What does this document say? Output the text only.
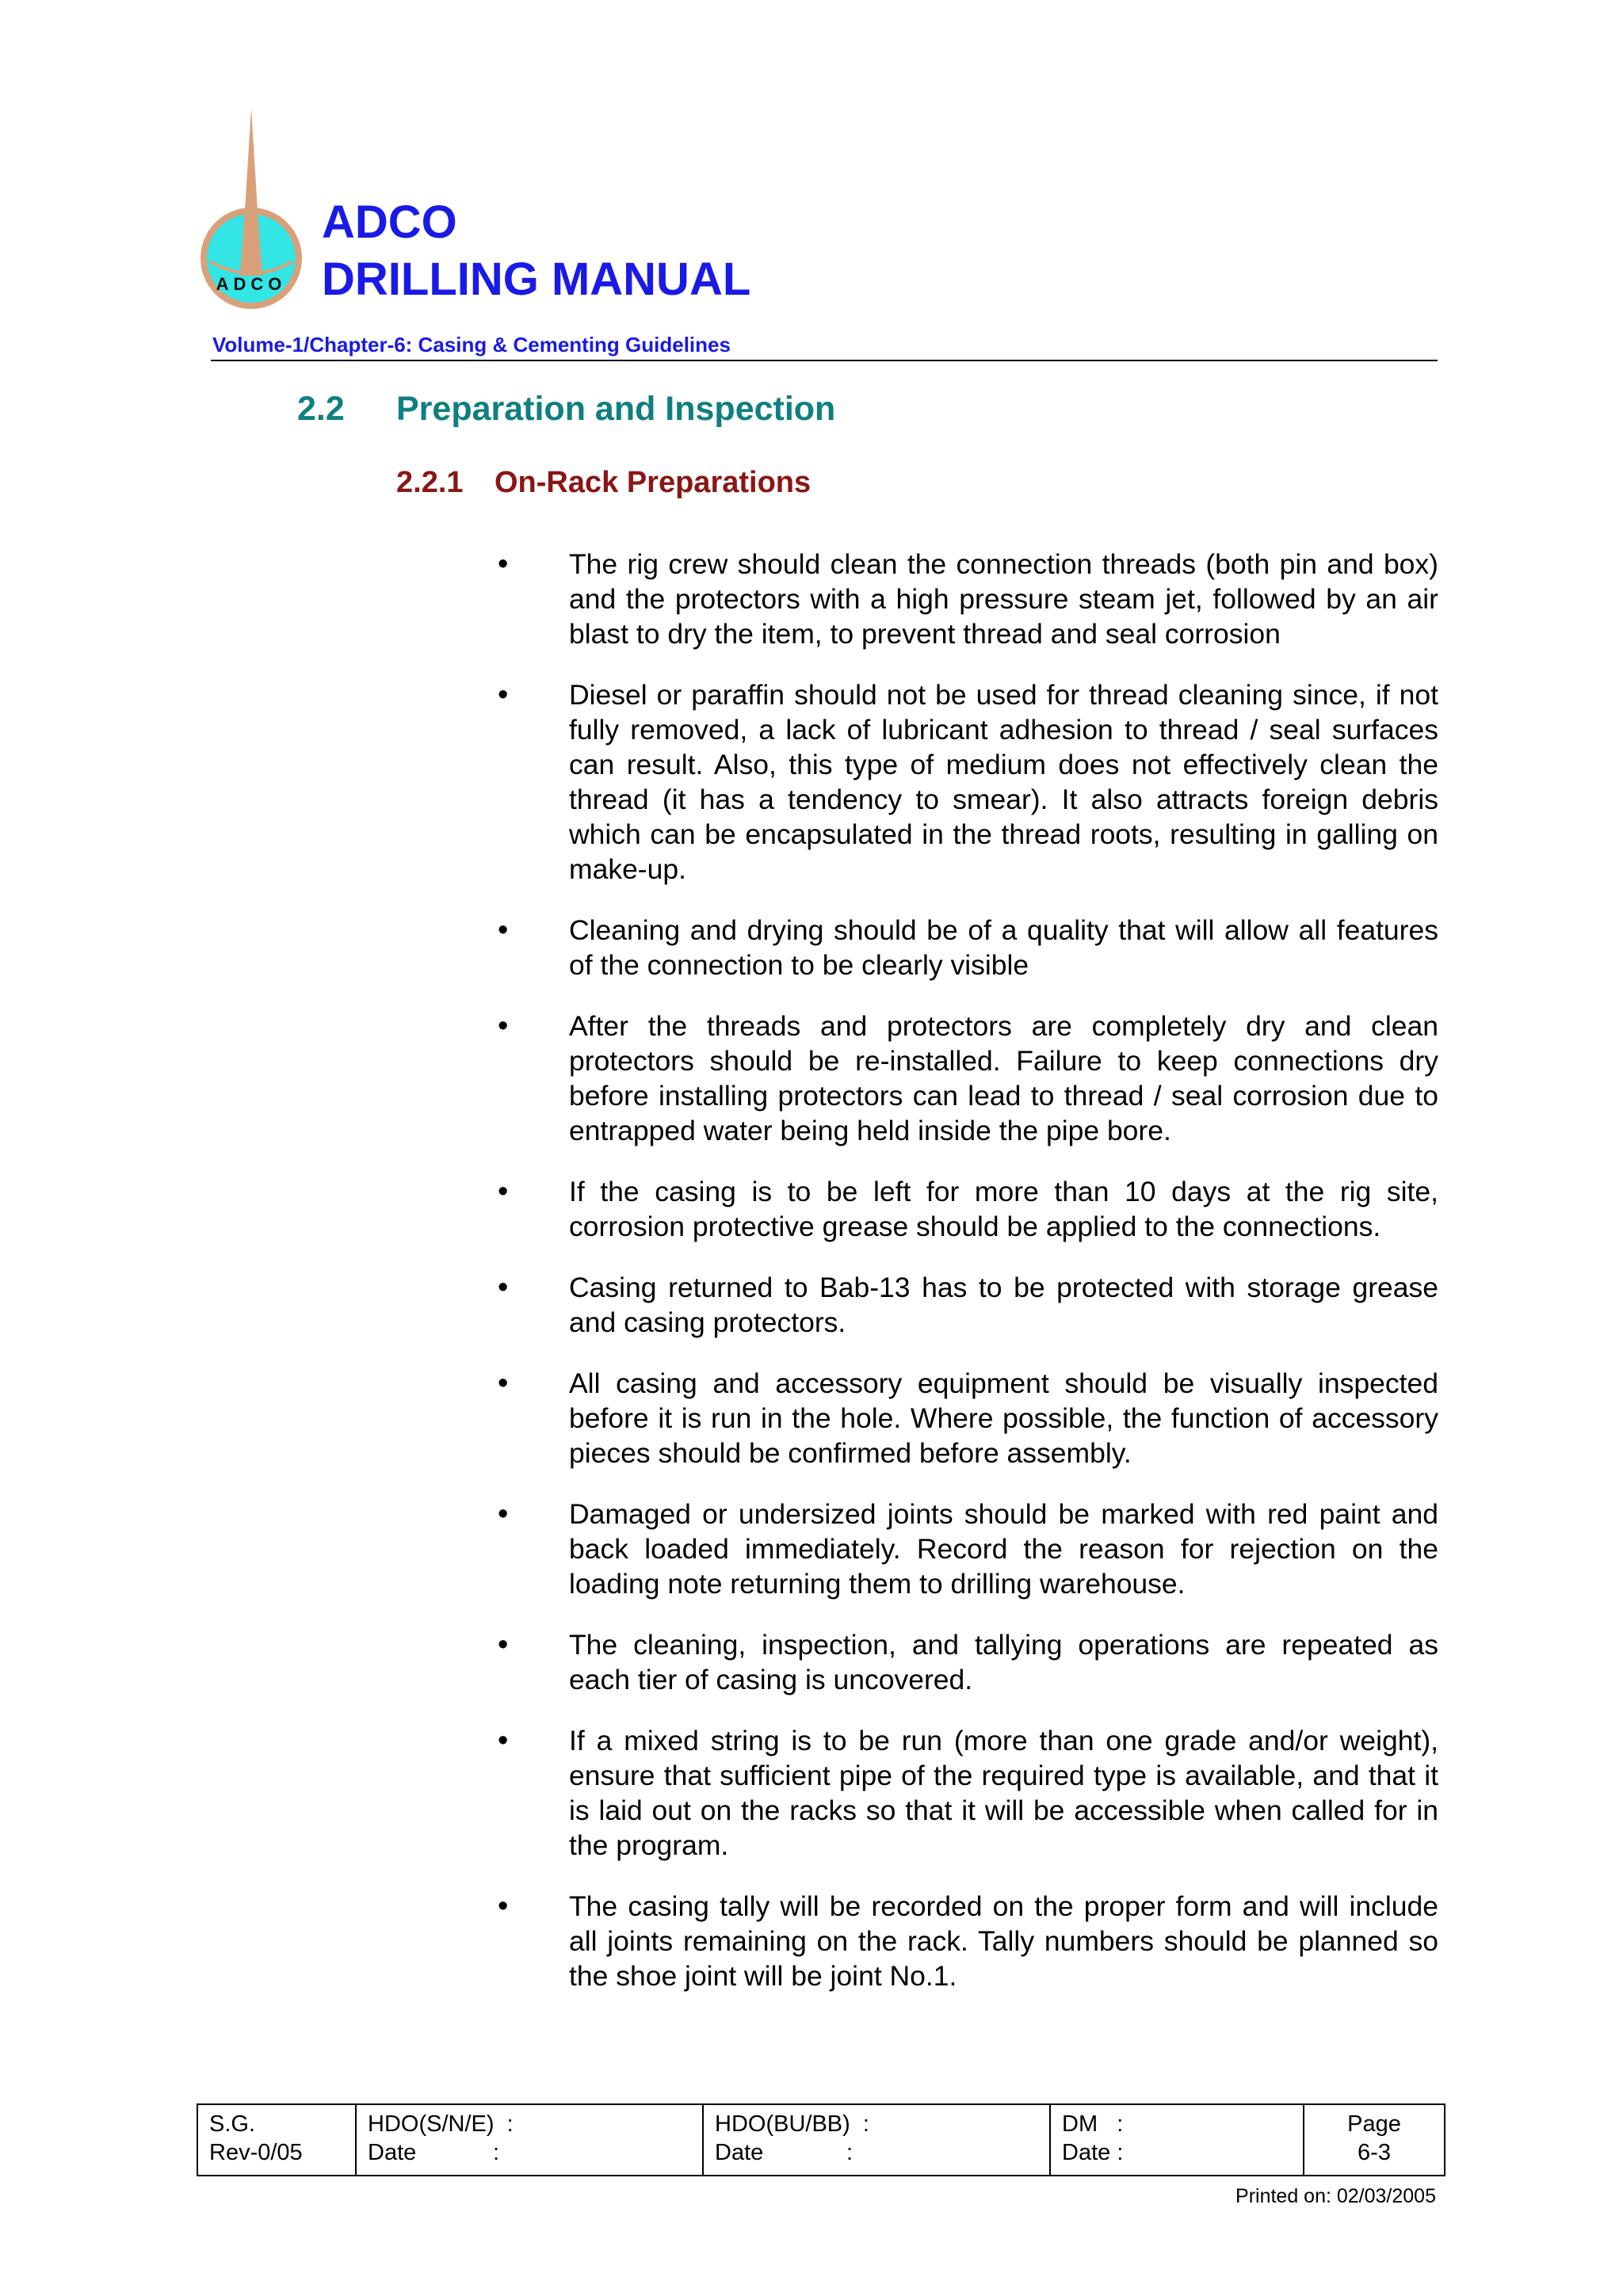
ADCO
ADCO
DRILLING MANUAL
Volume-1/Chapter-6: Casing & Cementing Guidelines
2.2 Preparation and Inspection
2.2.1 On-Rack Preparations
• The rig crew should clean the connection threads (both pin and box) and the protectors with a high pressure steam jet, followed by an air blast to dry the item, to prevent thread and seal corrosion
• Diesel or paraffin should not be used for thread cleaning since, if not fully removed, a lack of lubricant adhesion to thread / seal surfaces can result. Also, this type of medium does not effectively clean the thread (it has a tendency to smear). It also attracts foreign debris which can be encapsulated in the thread roots, resulting in galling on make-up.
• Cleaning and drying should be of a quality that will allow all features of the connection to be clearly visible
• After the threads and protectors are completely dry and clean protectors should be re-installed. Failure to keep connections dry before installing protectors can lead to thread / seal corrosion due to entrapped water being held inside the pipe bore.
• If the casing is to be left for more than 10 days at the rig site, corrosion protective grease should be applied to the connections.
• Casing returned to Bab-13 has to be protected with storage grease and casing protectors.
• All casing and accessory equipment should be visually inspected before it is run in the hole. Where possible, the function of accessory pieces should be confirmed before assembly.
• Damaged or undersized joints should be marked with red paint and back loaded immediately. Record the reason for rejection on the loading note returning them to drilling warehouse.
• The cleaning, inspection, and tallying operations are repeated as each tier of casing is uncovered.
• If a mixed string is to be run (more than one grade and/or weight), ensure that sufficient pipe of the required type is available, and that it is laid out on the racks so that it will be accessible when called for in the program.
• The casing tally will be recorded on the proper form and will include all joints remaining on the rack. Tally numbers should be planned so the shoe joint will be joint No.1.
S.G.
Rev-0/05

HDO(S/N/E)  :
Date            :

HDO(BU/BB)  :
Date             :

DM   :
Date :

Page
6-3
Printed on: 02/03/2005
